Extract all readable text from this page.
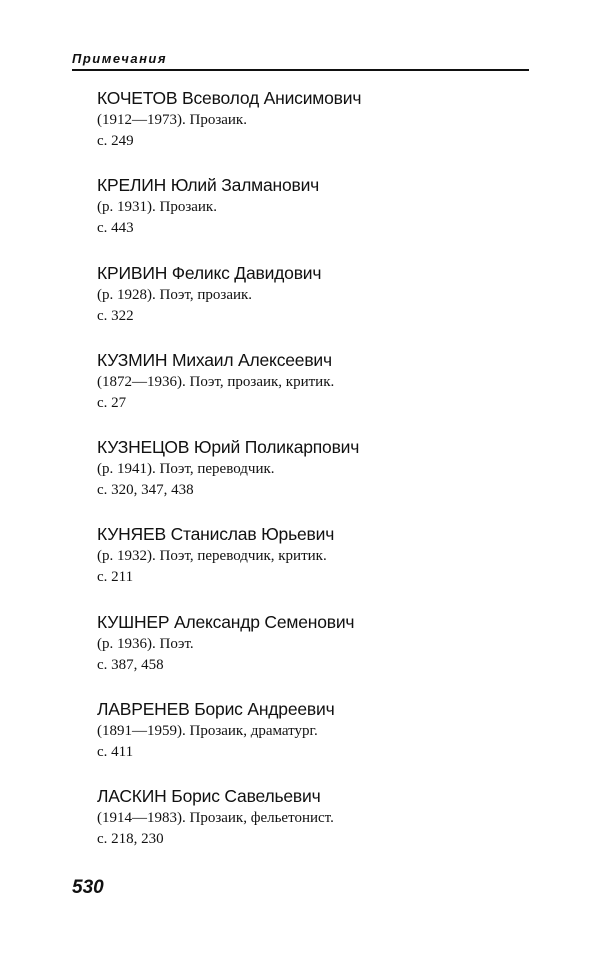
Примечания
КОЧЕТОВ Всеволод Анисимович
(1912—1973). Прозаик.
с. 249
КРЕЛИН Юлий Залманович
(р. 1931). Прозаик.
с. 443
КРИВИН Феликс Давидович
(р. 1928). Поэт, прозаик.
с. 322
КУЗМИН Михаил Алексеевич
(1872—1936). Поэт, прозаик, критик.
с. 27
КУЗНЕЦОВ Юрий Поликарпович
(р. 1941). Поэт, переводчик.
с. 320, 347, 438
КУНЯЕВ Станислав Юрьевич
(р. 1932). Поэт, переводчик, критик.
с. 211
КУШНЕР Александр Семенович
(р. 1936). Поэт.
с. 387, 458
ЛАВРЕНЕВ Борис Андреевич
(1891—1959). Прозаик, драматург.
с. 411
ЛАСКИН Борис Савельевич
(1914—1983). Прозаик, фельетонист.
с. 218, 230
530
